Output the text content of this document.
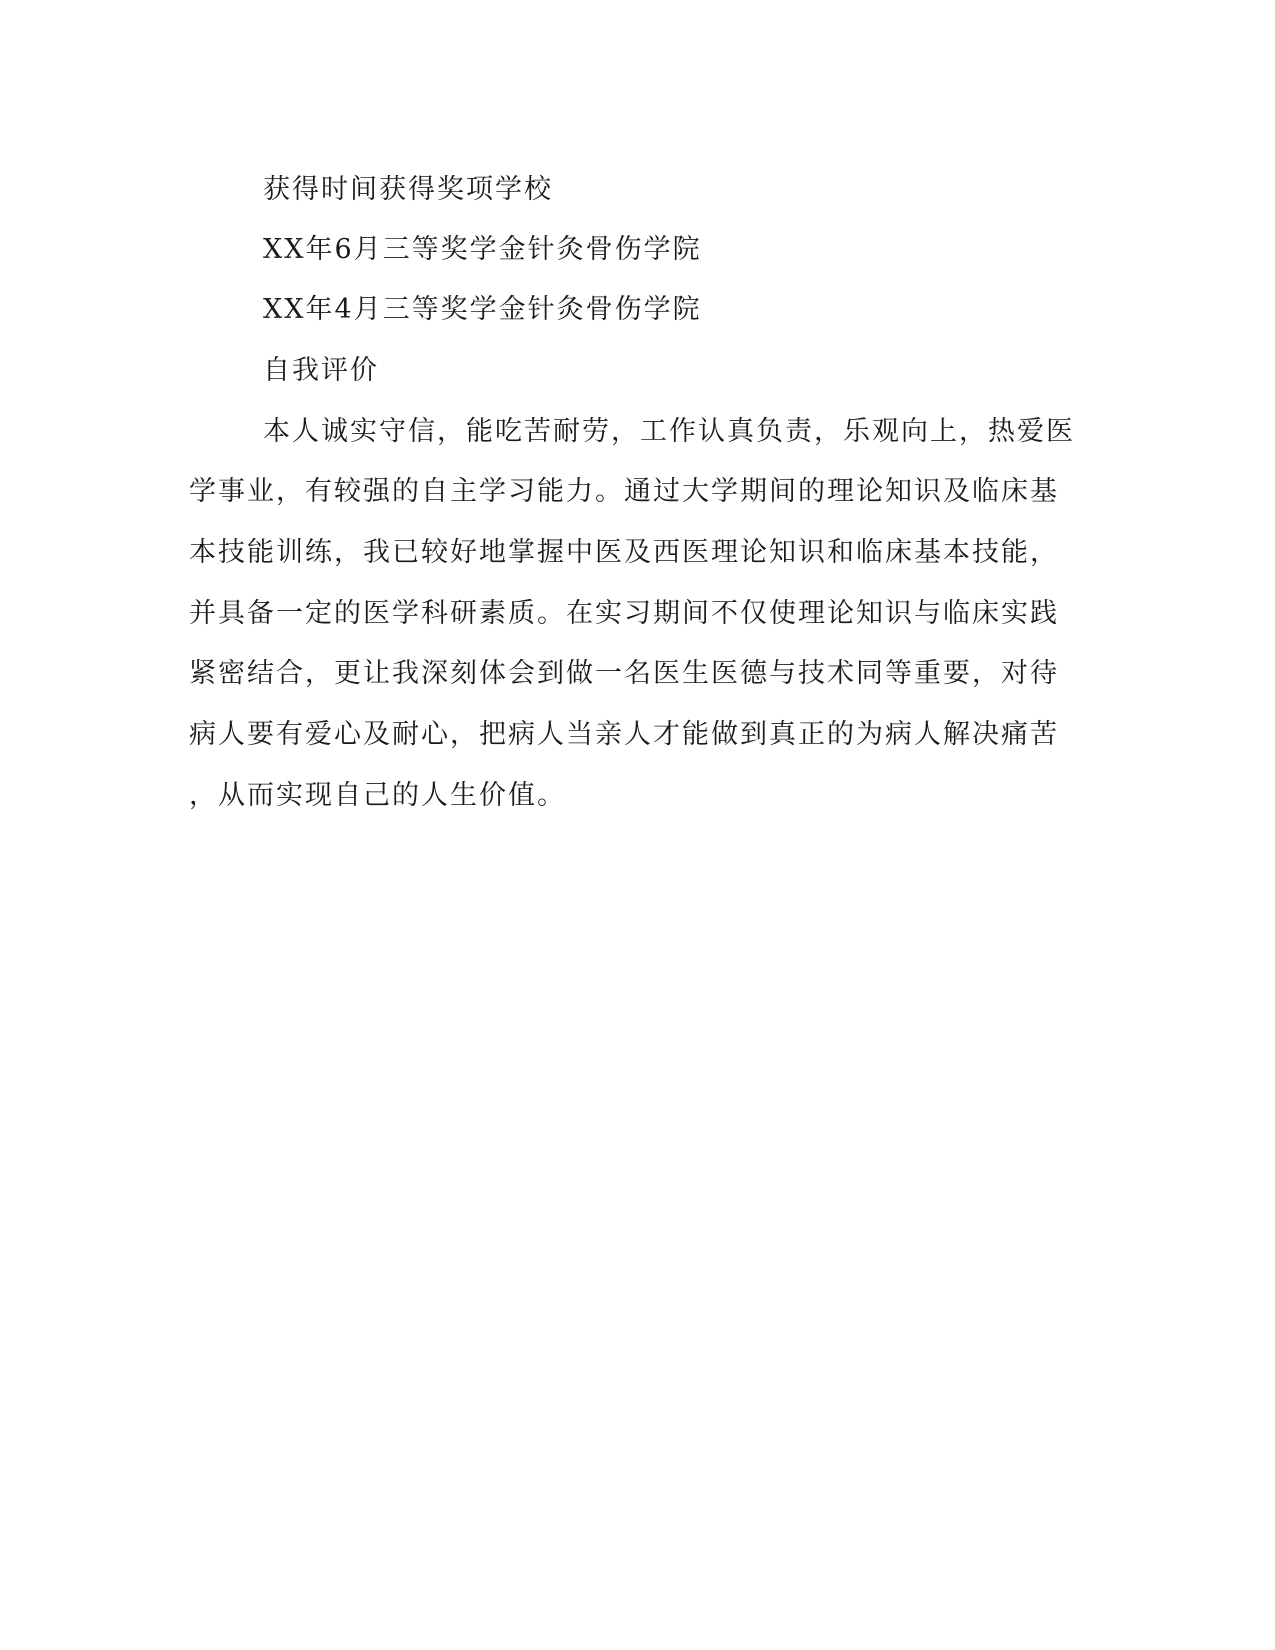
获得时间获得奖项学校
XX年6月三等奖学金针灸骨伤学院
XX年4月三等奖学金针灸骨伤学院
自我评价
本人诚实守信，能吃苦耐劳，工作认真负责，乐观向上，热爱医
学事业，有较强的自主学习能力。通过大学期间的理论知识及临床基
本技能训练，我已较好地掌握中医及西医理论知识和临床基本技能，
并具备一定的医学科研素质。在实习期间不仅使理论知识与临床实践
紧密结合，更让我深刻体会到做一名医生医德与技术同等重要，对待
病人要有爱心及耐心，把病人当亲人才能做到真正的为病人解决痛苦
，从而实现自己的人生价值。
